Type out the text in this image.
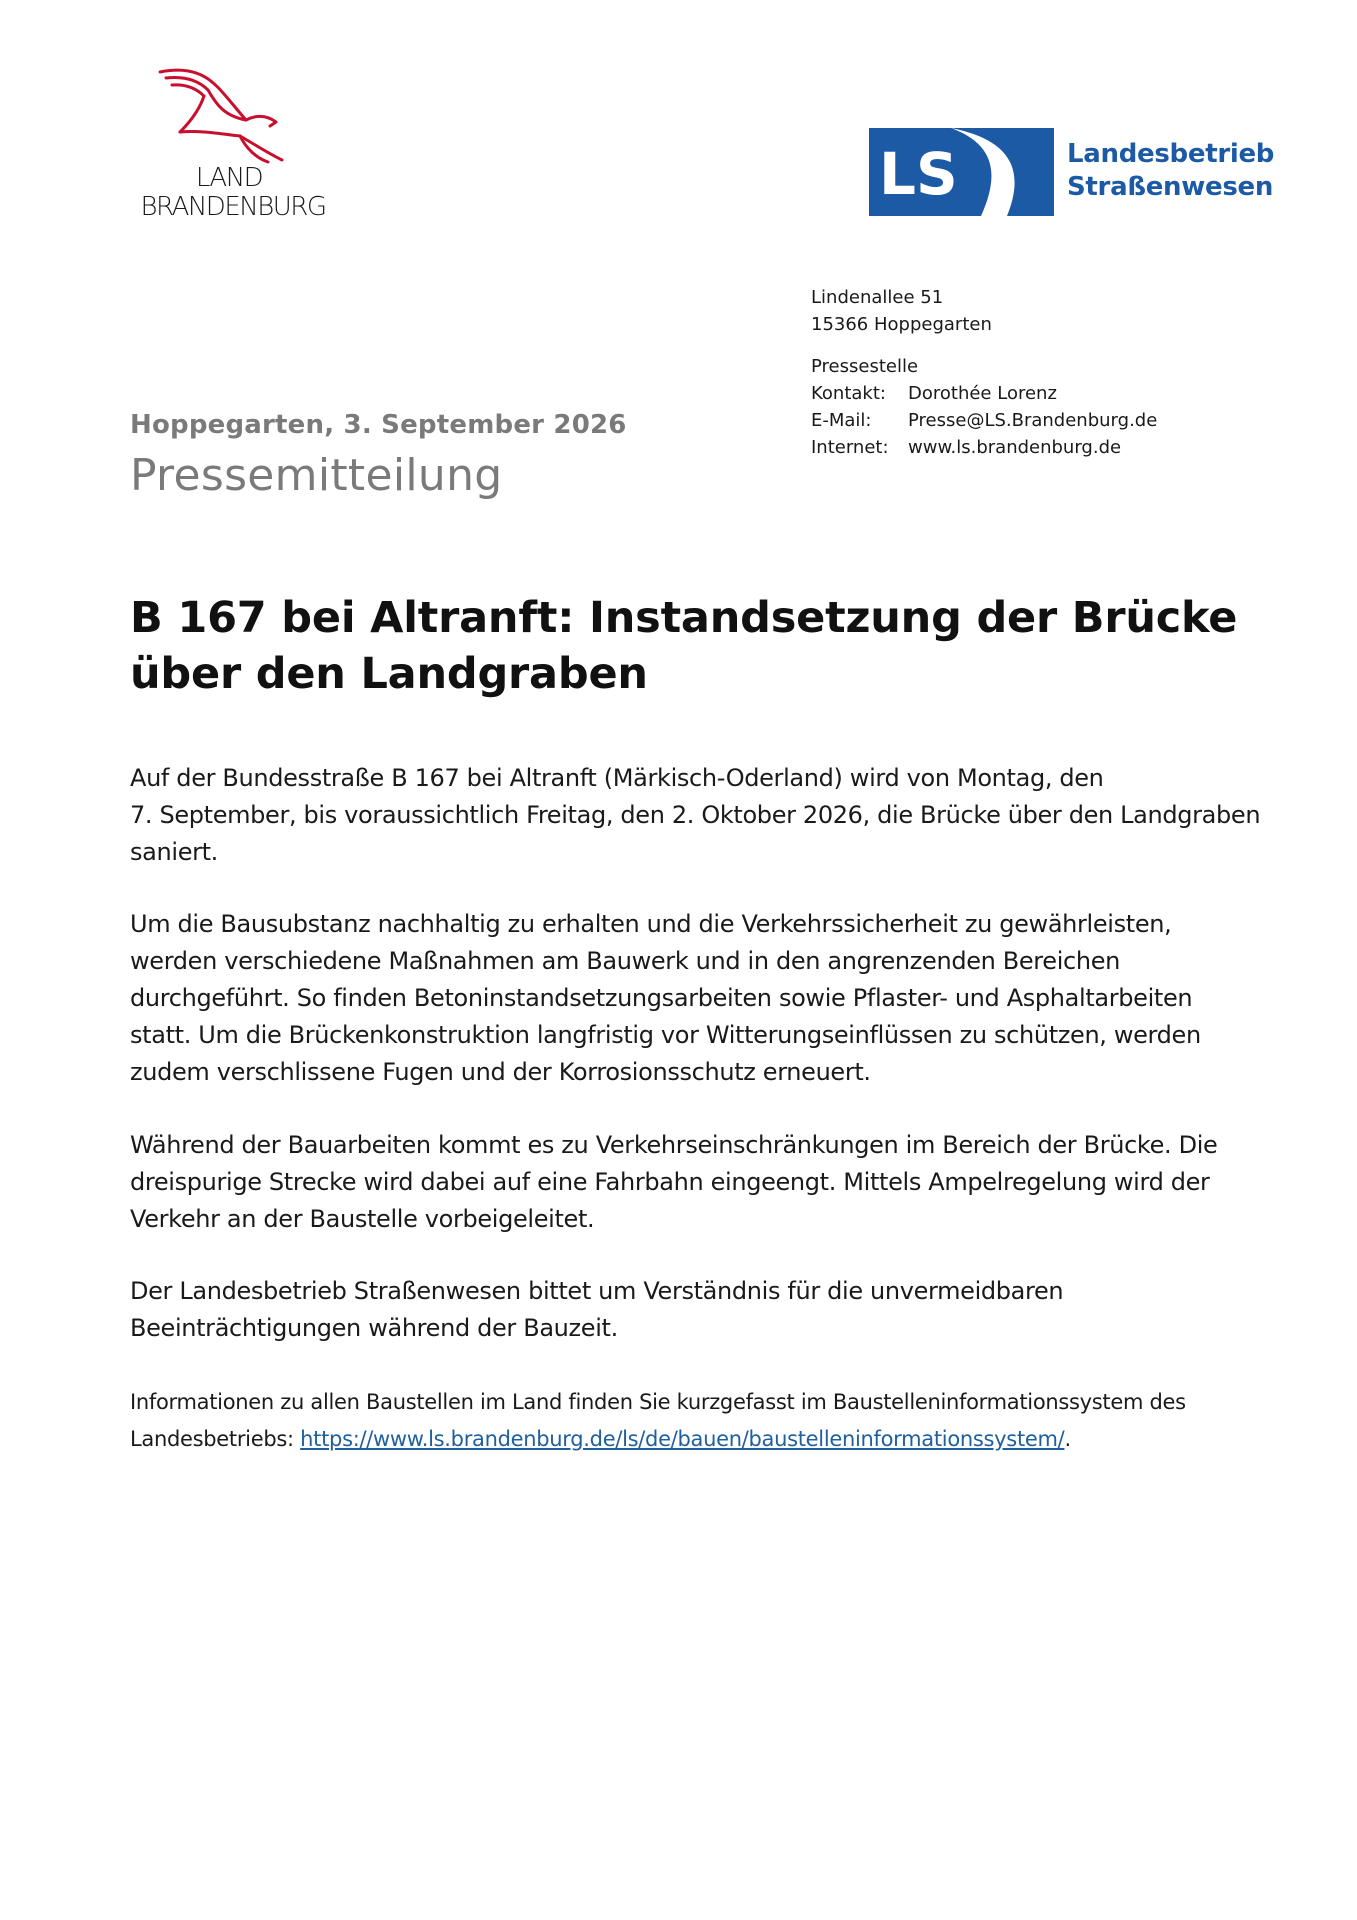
LAND
BRANDENBURG	LS	Landesbetrieb
Straßenwesen
Lindenallee 51
15366 Hoppegarten
Pressestelle
Kontakt:	Dorothée Lorenz
E-Mail:	Presse@LS.Brandenburg.de
Internet:	www.ls.brandenburg.de
Hoppegarten, 3. September 2026
Pressemitteilung
B 167 bei Altranft: Instandsetzung der Brücke
über den Landgraben
Auf der Bundesstraße B 167 bei Altranft (Märkisch-Oderland) wird von Montag, den
7. September, bis voraussichtlich Freitag, den 2. Oktober 2026, die Brücke über den Landgraben
saniert.
Um die Bausubstanz nachhaltig zu erhalten und die Verkehrssicherheit zu gewährleisten,
werden verschiedene Maßnahmen am Bauwerk und in den angrenzenden Bereichen
durchgeführt. So finden Betoninstandsetzungsarbeiten sowie Pflaster- und Asphaltarbeiten
statt. Um die Brückenkonstruktion langfristig vor Witterungseinflüssen zu schützen, werden
zudem verschlissene Fugen und der Korrosionsschutz erneuert.
Während der Bauarbeiten kommt es zu Verkehrseinschränkungen im Bereich der Brücke. Die
dreispurige Strecke wird dabei auf eine Fahrbahn eingeengt. Mittels Ampelregelung wird der
Verkehr an der Baustelle vorbeigeleitet.
Der Landesbetrieb Straßenwesen bittet um Verständnis für die unvermeidbaren
Beeinträchtigungen während der Bauzeit.
Informationen zu allen Baustellen im Land finden Sie kurzgefasst im Baustelleninformationssystem des
Landesbetriebs: https://www.ls.brandenburg.de/ls/de/bauen/baustelleninformationssystem/.
